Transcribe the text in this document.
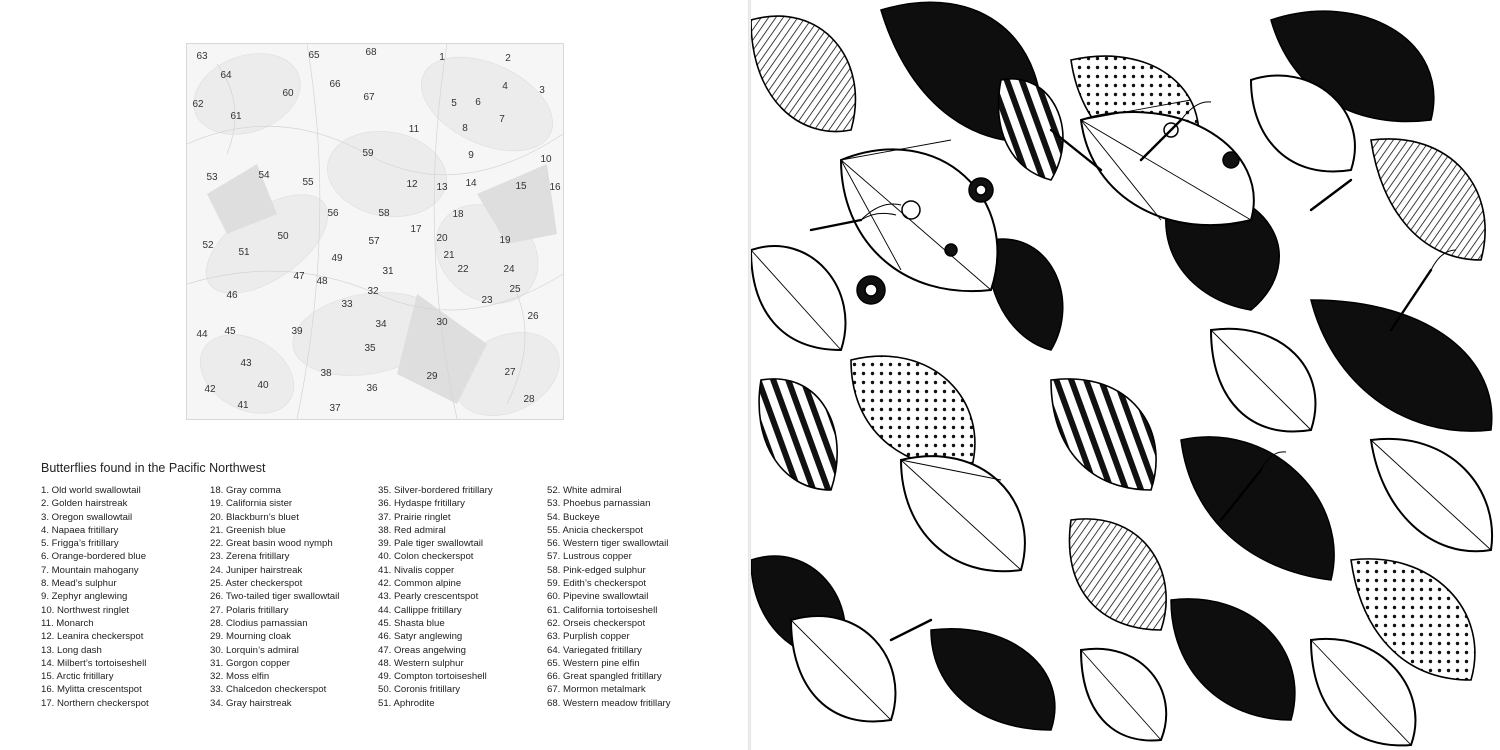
63	65	68	1	2
64
66	4	3
60	67
5 6
62
61	7
11	8
59	9	10
53	54
55	12 13 14	15 16
56	58	18
17
50	57	20	19
52
51
49	21
31	22	24
47 48
32
46
25
33	23
26
34	30
44 45	39
35
43
38	29	27
42	40	36
41	37
28
Butterflies found in the Pacific Northwest
1. Old world swallowtail
2. Golden hairstreak
3. Oregon swallowtail
4. Napaea fritillary
5. Frigga’s fritillary
6. Orange-bordered blue
7. Mountain mahogany
8. Mead’s sulphur
9. Zephyr anglewing
10. Northwest ringlet
11. Monarch
12. Leanira checkerspot
13. Long dash
14. Milbert’s tortoiseshell
15. Arctic fritillary
16. Mylitta crescentspot
17. Northern checkerspot
18. Gray comma
19. California sister
20. Blackburn’s bluet
21. Greenish blue
22. Great basin wood nymph
23. Zerena fritillary
24. Juniper hairstreak
25. Aster checkerspot
26. Two-tailed tiger swallowtail
27. Polaris fritillary
28. Clodius parnassian
29. Mourning cloak
30. Lorquin’s admiral
31. Gorgon copper
32. Moss elfin
33. Chalcedon checkerspot
34. Gray hairstreak
35. Silver-bordered fritillary
36. Hydaspe fritillary
37. Prairie ringlet
38. Red admiral
39. Pale tiger swallowtail
40. Colon checkerspot
41. Nivalis copper
42. Common alpine
43. Pearly crescentspot
44. Callippe fritillary
45. Shasta blue
46. Satyr anglewing
47. Oreas angelwing
48. Western sulphur
49. Compton tortoiseshell
50. Coronis fritillary
51. Aphrodite
52. White admiral
53. Phoebus parnassian
54. Buckeye
55. Anicia checkerspot
56. Western tiger swallowtail
57. Lustrous copper
58. Pink-edged sulphur
59. Edith’s checkerspot
60. Pipevine swallowtail
61. California tortoiseshell
62. Orseis checkerspot
63. Purplish copper
64. Variegated fritillary
65. Western pine elfin
66. Great spangled fritillary
67. Mormon metalmark
68. Western meadow fritillary
